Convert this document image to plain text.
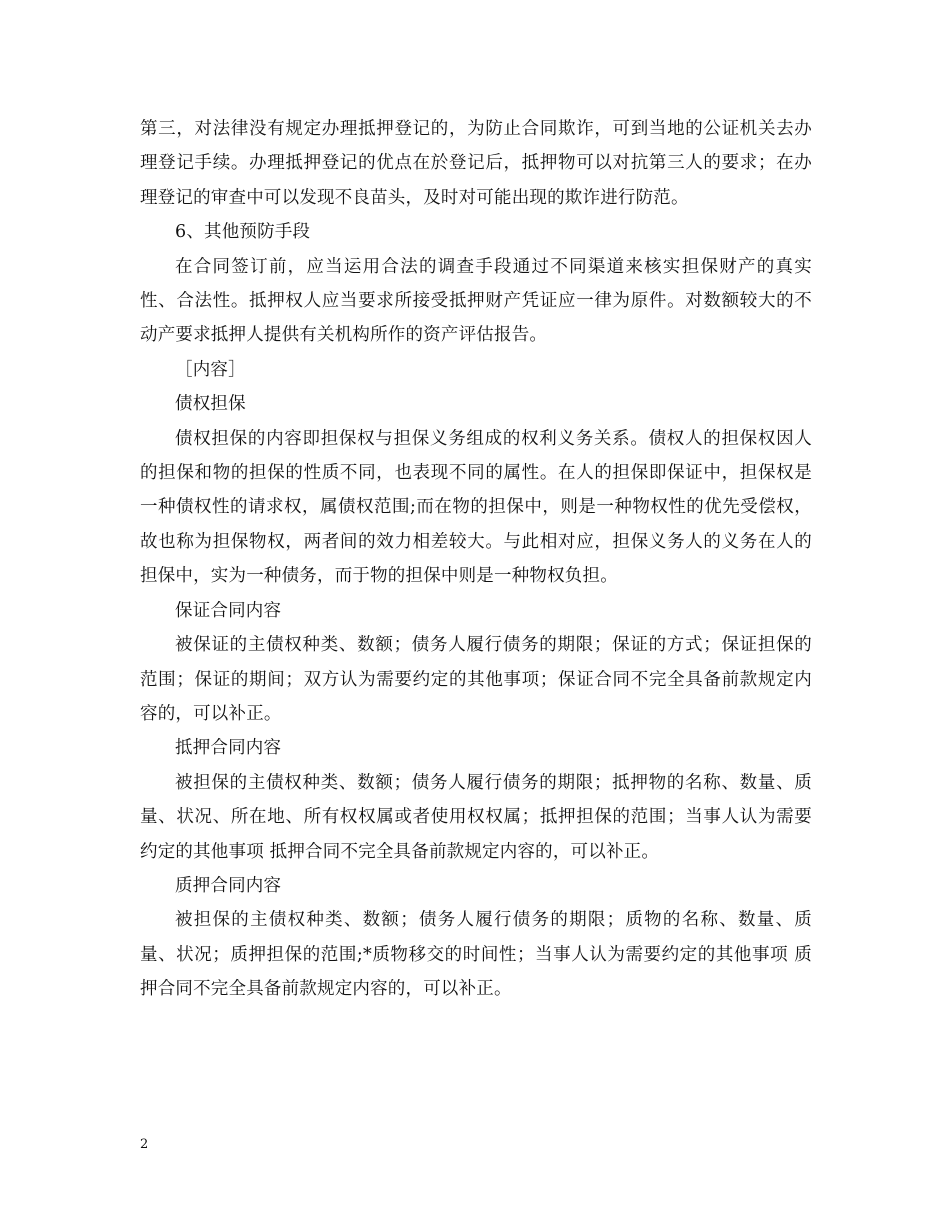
第三，对法律没有规定办理抵押登记的，为防止合同欺诈，可到当地的公证机关去办理登记手续。办理抵押登记的优点在於登记后，抵押物可以对抗第三人的要求；在办理登记的审查中可以发现不良苗头，及时对可能出现的欺诈进行防范。

6、其他预防手段

在合同签订前，应当运用合法的调查手段通过不同渠道来核实担保财产的真实性、合法性。抵押权人应当要求所接受抵押财产凭证应一律为原件。对数额较大的不动产要求抵押人提供有关机构所作的资产评估报告。

［内容］

债权担保

债权担保的内容即担保权与担保义务组成的权利义务关系。债权人的担保权因人的担保和物的担保的性质不同，也表现不同的属性。在人的担保即保证中，担保权是一种债权性的请求权，属债权范围;而在物的担保中，则是一种物权性的优先受偿权，故也称为担保物权，两者间的效力相差较大。与此相对应，担保义务人的义务在人的担保中，实为一种债务，而于物的担保中则是一种物权负担。

保证合同内容

被保证的主债权种类、数额；债务人履行债务的期限；保证的方式；保证担保的范围；保证的期间；双方认为需要约定的其他事项；保证合同不完全具备前款规定内容的，可以补正。

抵押合同内容

被担保的主债权种类、数额；债务人履行债务的期限；抵押物的名称、数量、质量、状况、所在地、所有权权属或者使用权权属；抵押担保的范围；当事人认为需要约定的其他事项 抵押合同不完全具备前款规定内容的，可以补正。

质押合同内容

被担保的主债权种类、数额；债务人履行债务的期限；质物的名称、数量、质量、状况；质押担保的范围;*质物移交的时间性；当事人认为需要约定的其他事项 质押合同不完全具备前款规定内容的，可以补正。

2
